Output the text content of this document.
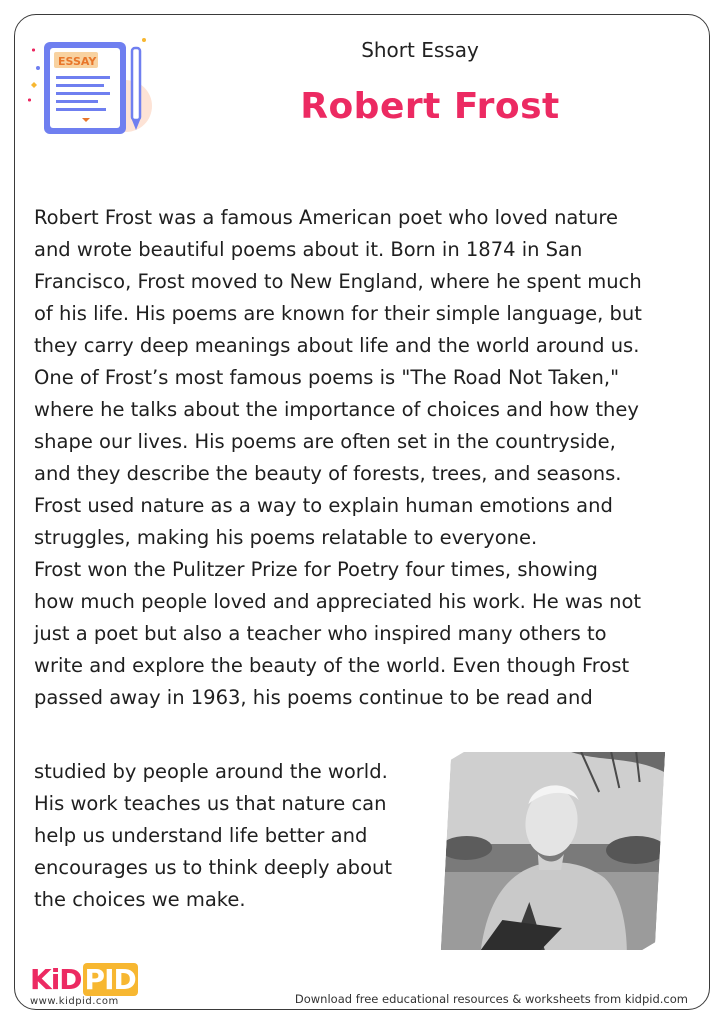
ESSAY	Short Essay
Robert Frost

Robert Frost was a famous American poet who loved nature

and wrote beautiful poems about it. Born in 1874 in San

Francisco, Frost moved to New England, where he spent much

of his life. His poems are known for their simple language, but

they carry deep meanings about life and the world around us.

One of Frost’s most famous poems is "The Road Not Taken,"

where he talks about the importance of choices and how they

shape our lives. His poems are often set in the countryside,

and they describe the beauty of forests, trees, and seasons.

Frost used nature as a way to explain human emotions and

struggles, making his poems relatable to everyone.

Frost won the Pulitzer Prize for Poetry four times, showing

how much people loved and appreciated his work. He was not

just a poet but also a teacher who inspired many others to

write and explore the beauty of the world. Even though Frost

passed away in 1963, his poems continue to be read and

studied by people around the world.

His work teaches us that nature can

help us understand life better and

encourages us to think deeply about

the choices we make.

KiD PID
www.kidpid.com	Download free educational resources & worksheets from kidpid.com
